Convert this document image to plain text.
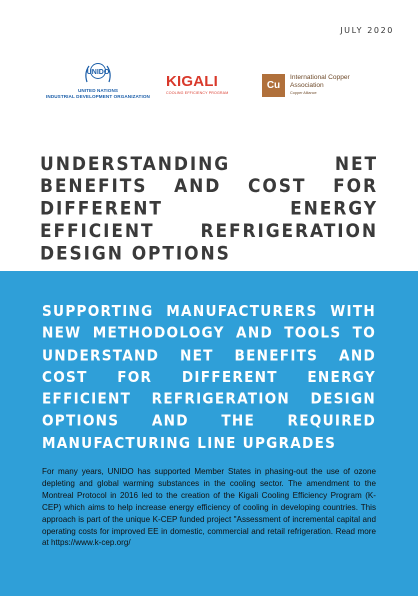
JULY 2020
UNIDO
UNITED NATIONS
INDUSTRIAL DEVELOPMENT ORGANIZATION
KIGALI
COOLING EFFICIENCY PROGRAM
Cu
International Copper
Association
Copper Alliance
UNDERSTANDING NET BENEFITS AND COST FOR DIFFERENT ENERGY EFFICIENT REFRIGERATION DESIGN OPTIONS
SUPPORTING MANUFACTURERS WITH NEW METHODOLOGY AND TOOLS TO UNDERSTAND NET BENEFITS AND COST FOR DIFFERENT ENERGY EFFICIENT REFRIGERATION DESIGN OPTIONS AND THE REQUIRED MANUFACTURING LINE UPGRADES

For many years, UNIDO has supported Member States in phasing-out the use of ozone depleting and global warming substances in the cooling sector. The amendment to the Montreal Protocol in 2016 led to the creation of the Kigali Cooling Efficiency Program (K-CEP) which aims to help increase energy efficiency of cooling in developing countries. This approach is part of the unique K-CEP funded project "Assessment of incremental capital and operating costs for improved EE in domestic, commercial and retail refrigeration. Read more at https://www.k-cep.org/
